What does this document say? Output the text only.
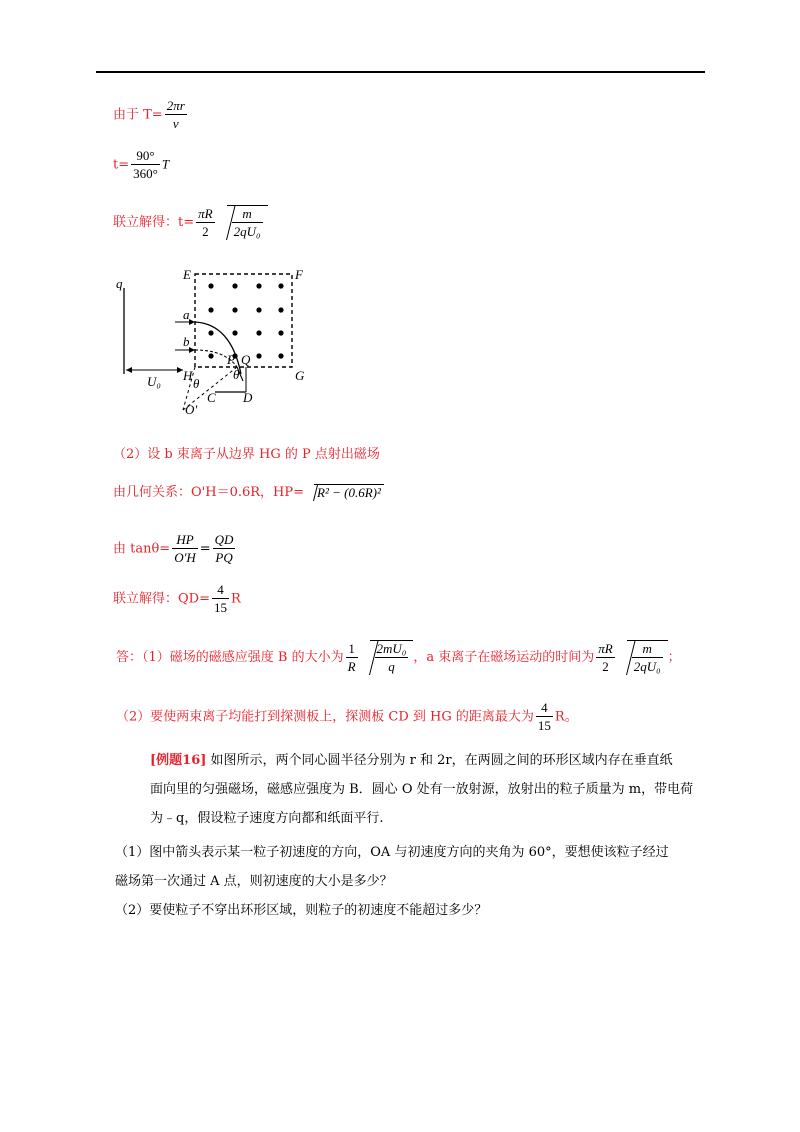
由于 $T= \frac{2\pi r}{v}$
$t= \frac{90^\circ}{360^\circ}$ T
联立解得：$t= \frac{\pi R}{2} \frac{m}{\text{2qU₀}}$
q
E	F
a
b
P Q
θ
θ
H	G
U₀
C D
O'
（2）设 b 束离子从边界 HG 的 P 点射出磁场
由几何关系：O'H＝0.6R，HP= R² − (0.6R)²
由 $\tan\theta= \frac{HP}{O'H} = \frac{QD}{PQ}$
联立解得：$QD= \frac{4}{15}$ R
答：（1）磁场的磁感应强度 B 的大小为 $\frac{1}{R} \frac{\text{2mU₀}}{q}$ ，a 束离子在磁场运动的时间为 $\frac{\pi R}{2} \frac{m}{\text{2qU₀}}$ ；
（2）要使两束离子均能打到探测板上，探测板 CD 到 HG 的距离最大为 $\frac{4}{15}$ R。
[例题16] 如图所示，两个同心圆半径分别为 r 和 2r，在两圆之间的环形区域内存在垂直纸
面向里的匀强磁场，磁感应强度为 B．圆心 O 处有一放射源，放射出的粒子质量为 m，带电荷
为﹣q，假设粒子速度方向都和纸面平行.
（1）图中箭头表示某一粒子初速度的方向，OA 与初速度方向的夹角为 60°，要想使该粒子经过
磁场第一次通过 A 点，则初速度的大小是多少？
（2）要使粒子不穿出环形区域，则粒子的初速度不能超过多少？
